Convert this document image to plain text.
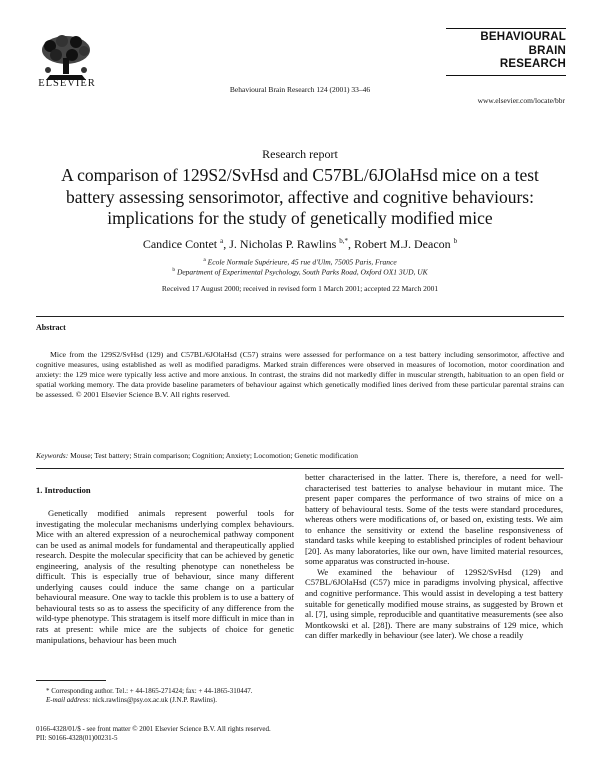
ELSEVIER
Behavioural Brain Research 124 (2001) 33–46
BEHAVIOURAL
BRAIN
RESEARCH
www.elsevier.com/locate/bbr
Research report
A comparison of 129S2/SvHsd and C57BL/6JOlaHsd mice on a test battery assessing sensorimotor, affective and cognitive behaviours: implications for the study of genetically modified mice
Candice Contet $^a$, J. Nicholas P. Rawlins $^{b,*}$, Robert M.J. Deacon $^b$
$^a$ Ecole Normale Supérieure, 45 rue d'Ulm, 75005 Paris, France
$^b$ Department of Experimental Psychology, South Parks Road, Oxford OX1 3UD, UK
Received 17 August 2000; received in revised form 1 March 2001; accepted 22 March 2001
Abstract
Mice from the 129S2/SvHsd (129) and C57BL/6JOlaHsd (C57) strains were assessed for performance on a test battery including sensorimotor, affective and cognitive measures, using established as well as modified paradigms. Marked strain differences were observed in measures of locomotion, motor coordination and anxiety: the 129 mice were typically less active and more anxious. In contrast, the strains did not markedly differ in muscular strength, habituation to an open field or spatial working memory. The data provide baseline parameters of behaviour against which genetically modified lines derived from these particular parental strains can be assessed. © 2001 Elsevier Science B.V. All rights reserved.
Keywords: Mouse; Test battery; Strain comparison; Cognition; Anxiety; Locomotion; Genetic modification
1. Introduction

Genetically modified animals represent powerful tools for investigating the molecular mechanisms underlying complex behaviours. Mice with an altered expression of a neurochemical pathway component can be used as animal models for fundamental and therapeutically applied research. Despite the molecular specificity that can be achieved by genetic engineering, analysis of the resulting phenotype can nonetheless be difficult. This is especially true of behaviour, since many different underlying causes could induce the same change on a particular behavioural measure. One way to tackle this problem is to use a battery of behavioural tests so as to assess the specificity of any difference from the wild-type phenotype. This stratagem is itself more difficult in mice than in rats at present: while mice are the subjects of choice for genetic manipulations, behaviour has been much

better characterised in the latter. There is, therefore, a need for well-characterised test batteries to analyse behaviour in mutant mice. The present paper compares the performance of two strains of mice on a battery of behavioural tests. Some of the tests were standard procedures, whereas others were modifications of, or based on, existing tests. We aim to enhance the sensitivity or extend the baseline responsiveness of standard tasks while keeping to established principles of rodent behaviour [20]. As many laboratories, like our own, have limited material resources, some apparatus was constructed in-house.

We examined the behaviour of 129S2/SvHsd (129) and C57BL/6JOlaHsd (C57) mice in paradigms involving physical, affective and cognitive performance. This would assist in developing a test battery suitable for genetically modified mouse strains, as suggested by Brown et al. [7], using simple, reproducible and quantitative measurements (see also Montkowski et al. [28]). There are many substrains of 129 mice, which can differ markedly in behaviour (see later). We chose a readily

* Corresponding author. Tel.: + 44-1865-271424; fax: + 44-1865-310447.
E-mail address: nick.rawlins@psy.ox.ac.uk (J.N.P. Rawlins).
0166-4328/01/$ - see front matter © 2001 Elsevier Science B.V. All rights reserved.
PII: S0166-4328(01)00231-5
